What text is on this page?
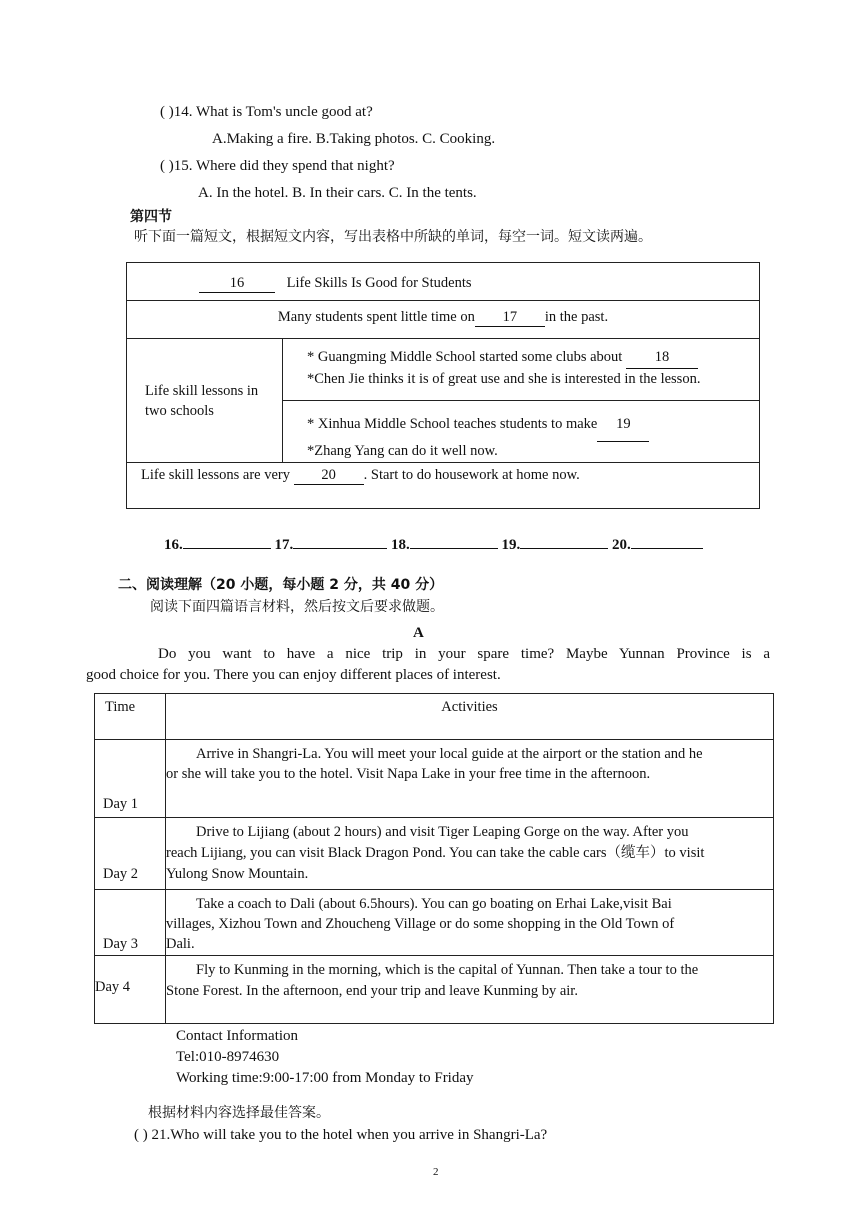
( )14. What is Tom's uncle good at?
A.Making a fire. B.Taking photos. C. Cooking.
( )15. Where did they spend that night?
A. In the hotel. B. In their cars. C. In the tents.
第四节
听下面一篇短文，根据短文内容，写出表格中所缺的单词，每空一词。短文读两遍。
16	Life Skills Is Good for Students
Many students spent little time on 17 in the past.

Life skill lessons in two schools

* Guangming Middle School started some clubs about 18
*Chen Jie thinks it is of great use and she is interested in the lesson.

* Xinhua Middle School teaches students to make 19
*Zhang Yang can do it well now.

Life skill lessons are very 20 . Start to do housework at home now.
16.	17.	18.	19.	20.
二、阅读理解（20 小题，每小题 2 分，共 40 分）
阅读下面四篇语言材料，然后按文后要求做题。
A
Do you want to have a nice trip in your spare time? Maybe Yunnan Province is a
good choice for you. There you can enjoy different places of interest.
Time	Activities
Day 1	Arrive in Shangri-La. You will meet your local guide at the airport or the station and he
or she will take you to the hotel. Visit Napa Lake in your free time in the afternoon.

Day 2	Drive to Lijiang (about 2 hours) and visit Tiger Leaping Gorge on the way. After you
reach Lijiang, you can visit Black Dragon Pond. You can take the cable cars（缆车）to visit
Yulong Snow Mountain.

Day 3	Take a coach to Dali (about 6.5hours). You can go boating on Erhai Lake,visit Bai
villages, Xizhou Town and Zhoucheng Village or do some shopping in the Old Town of
Dali.

Day 4	Fly to Kunming in the morning, which is the capital of Yunnan. Then take a tour to the
Stone Forest. In the afternoon, end your trip and leave Kunming by air.
Contact Information
Tel:010-8974630
Working time:9:00-17:00 from Monday to Friday
根据材料内容选择最佳答案。
( ) 21.Who will take you to the hotel when you arrive in Shangri-La?
2
